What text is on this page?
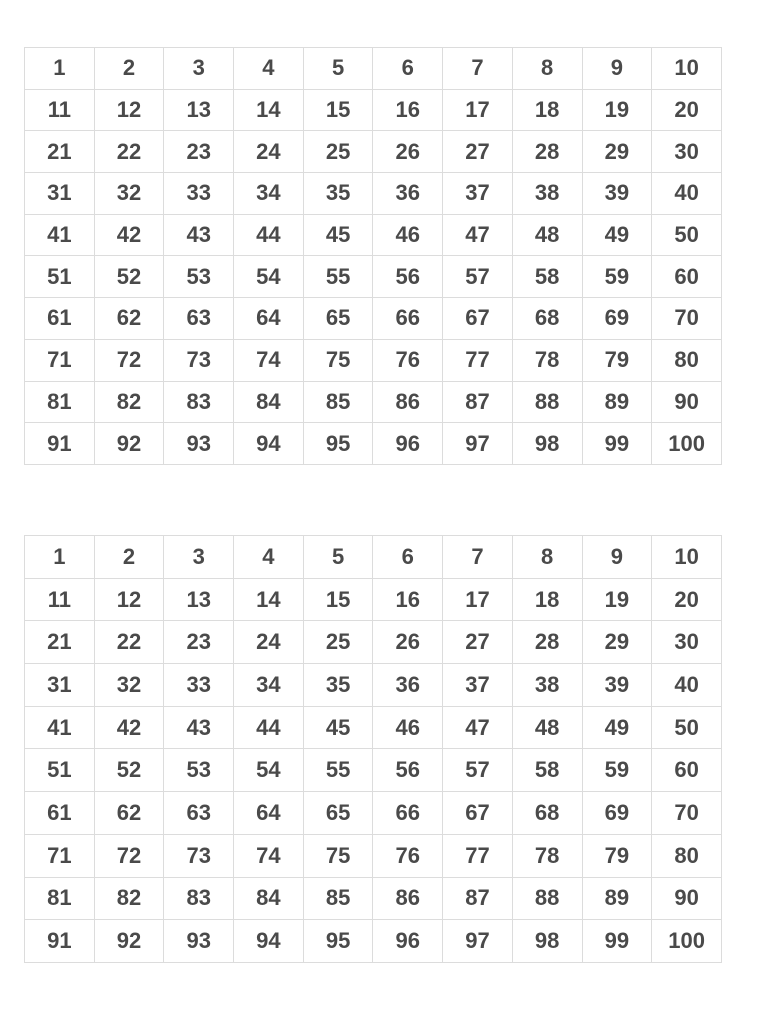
1	2	3	4	5	6	7	8	9	10
11	12	13	14	15	16	17	18	19	20
21	22	23	24	25	26	27	28	29	30
31	32	33	34	35	36	37	38	39	40
41	42	43	44	45	46	47	48	49	50
51	52	53	54	55	56	57	58	59	60
61	62	63	64	65	66	67	68	69	70
71	72	73	74	75	76	77	78	79	80
81	82	83	84	85	86	87	88	89	90
91	92	93	94	95	96	97	98	99	100
1	2	3	4	5	6	7	8	9	10
11	12	13	14	15	16	17	18	19	20
21	22	23	24	25	26	27	28	29	30
31	32	33	34	35	36	37	38	39	40
41	42	43	44	45	46	47	48	49	50
51	52	53	54	55	56	57	58	59	60
61	62	63	64	65	66	67	68	69	70
71	72	73	74	75	76	77	78	79	80
81	82	83	84	85	86	87	88	89	90
91	92	93	94	95	96	97	98	99	100
